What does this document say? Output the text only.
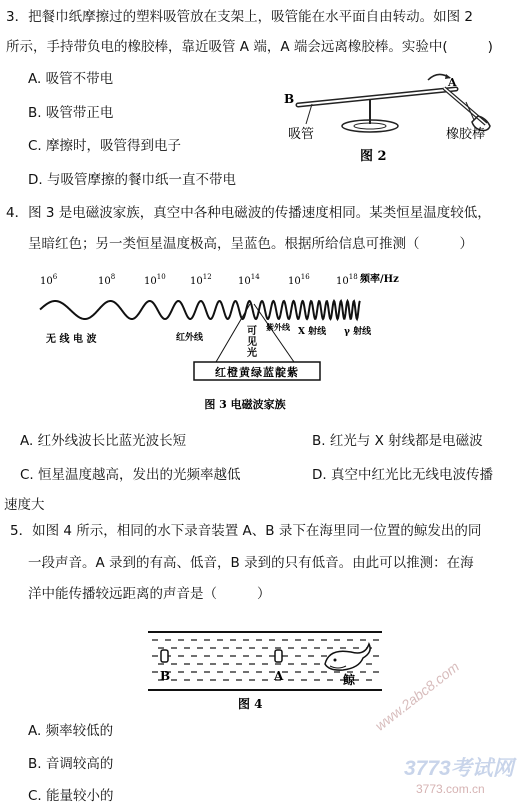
3．把餐巾纸摩擦过的塑料吸管放在支架上，吸管能在水平面自由转动。如图 2
所示，手持带负电的橡胶棒，靠近吸管 A 端，A 端会远离橡胶棒。实验中(	)
A. 吸管不带电
B. 吸管带正电
C. 摩擦时，吸管得到电子
D. 与吸管摩擦的餐巾纸一直不带电
B
A
吸管	橡胶棒
图 2
4．图 3 是电磁波家族，真空中各种电磁波的传播速度相同。某类恒星温度较低，
呈暗红色；另一类恒星温度极高，呈蓝色。根据所给信息可推测（	）
$10^6$	$10^8$	$10^{10}$ $10^{12}$	$10^{14}$	$10^{16}$	$10^{18}$ 频率/Hz
无 线 电 波	红外线
可见光
紫外线 X 射线 γ 射线
红橙黄绿蓝靛紫
图 3 电磁波家族
A. 红外线波长比蓝光波长短	B. 红光与 X 射线都是电磁波
C. 恒星温度越高，发出的光频率越低	D. 真空中红光比无线电波传播
速度大
5．如图 4 所示，相同的水下录音装置 A、B 录下在海里同一位置的鲸发出的同
一段声音。A 录到的有高、低音，B 录到的只有低音。由此可以推测：在海
洋中能传播较远距离的声音是（	）
B	A	鲸
图 4
A. 频率较低的
B. 音调较高的
C. 能量较小的
www.2abc8.com
3773考试网
3773.com.cn
